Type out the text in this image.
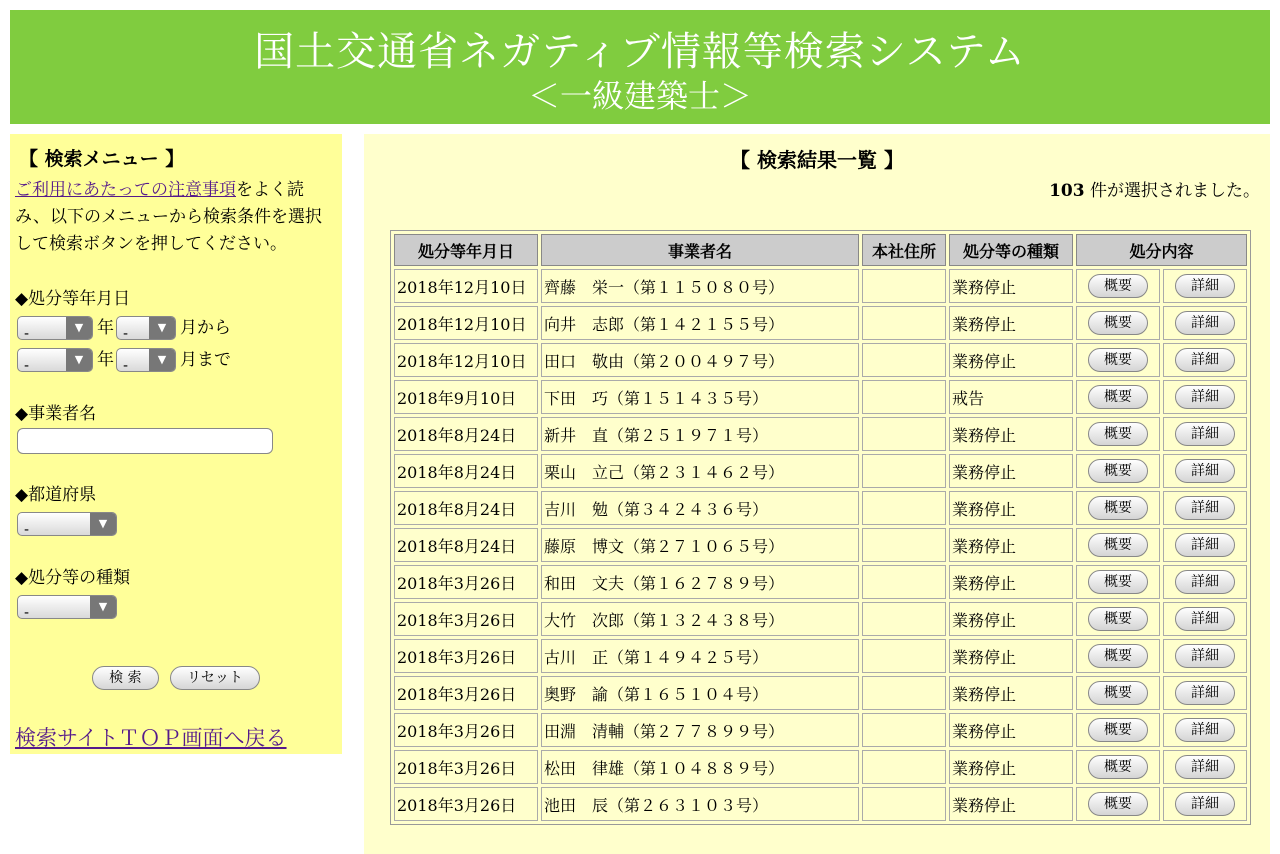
国土交通省ネガティブ情報等検索システム
＜一級建築士＞
【 検索メニュー 】
ご利用にあたっての注意事項をよく読み、以下のメニューから検索条件を選択して検索ボタンを押してください。
◆処分等年月日
-	▼ 年 -	▼ 月から
-	▼ 年 -	▼ 月まで
◆事業者名
◆都道府県
-	▼
◆処分等の種類
-	▼
検 索	リセット
検索サイトＴＯＰ画面へ戻る
【 検索結果一覧 】
103 件が選択されました。
処分等年月日	事業者名	本社住所	処分等の種類	処分内容	
2018年12月10日	齊藤　栄一（第１１５０８０号）		業務停止	概要	詳細
2018年12月10日	向井　志郎（第１４２１５５号）		業務停止	概要	詳細
2018年12月10日	田口　敬由（第２００４９７号）		業務停止	概要	詳細
2018年9月10日	下田　巧（第１５１４３５号）		戒告	概要	詳細
2018年8月24日	新井　直（第２５１９７１号）		業務停止	概要	詳細
2018年8月24日	栗山　立己（第２３１４６２号）		業務停止	概要	詳細
2018年8月24日	吉川　勉（第３４２４３６号）		業務停止	概要	詳細
2018年8月24日	藤原　博文（第２７１０６５号）		業務停止	概要	詳細
2018年3月26日	和田　文夫（第１６２７８９号）		業務停止	概要	詳細
2018年3月26日	大竹　次郎（第１３２４３８号）		業務停止	概要	詳細
2018年3月26日	古川　正（第１４９４２５号）		業務停止	概要	詳細
2018年3月26日	奥野　諭（第１６５１０４号）		業務停止	概要	詳細
2018年3月26日	田淵　清輔（第２７７８９９号）		業務停止	概要	詳細
2018年3月26日	松田　律雄（第１０４８８９号）		業務停止	概要	詳細
2018年3月26日	池田　辰（第２６３１０３号）		業務停止	概要	詳細
